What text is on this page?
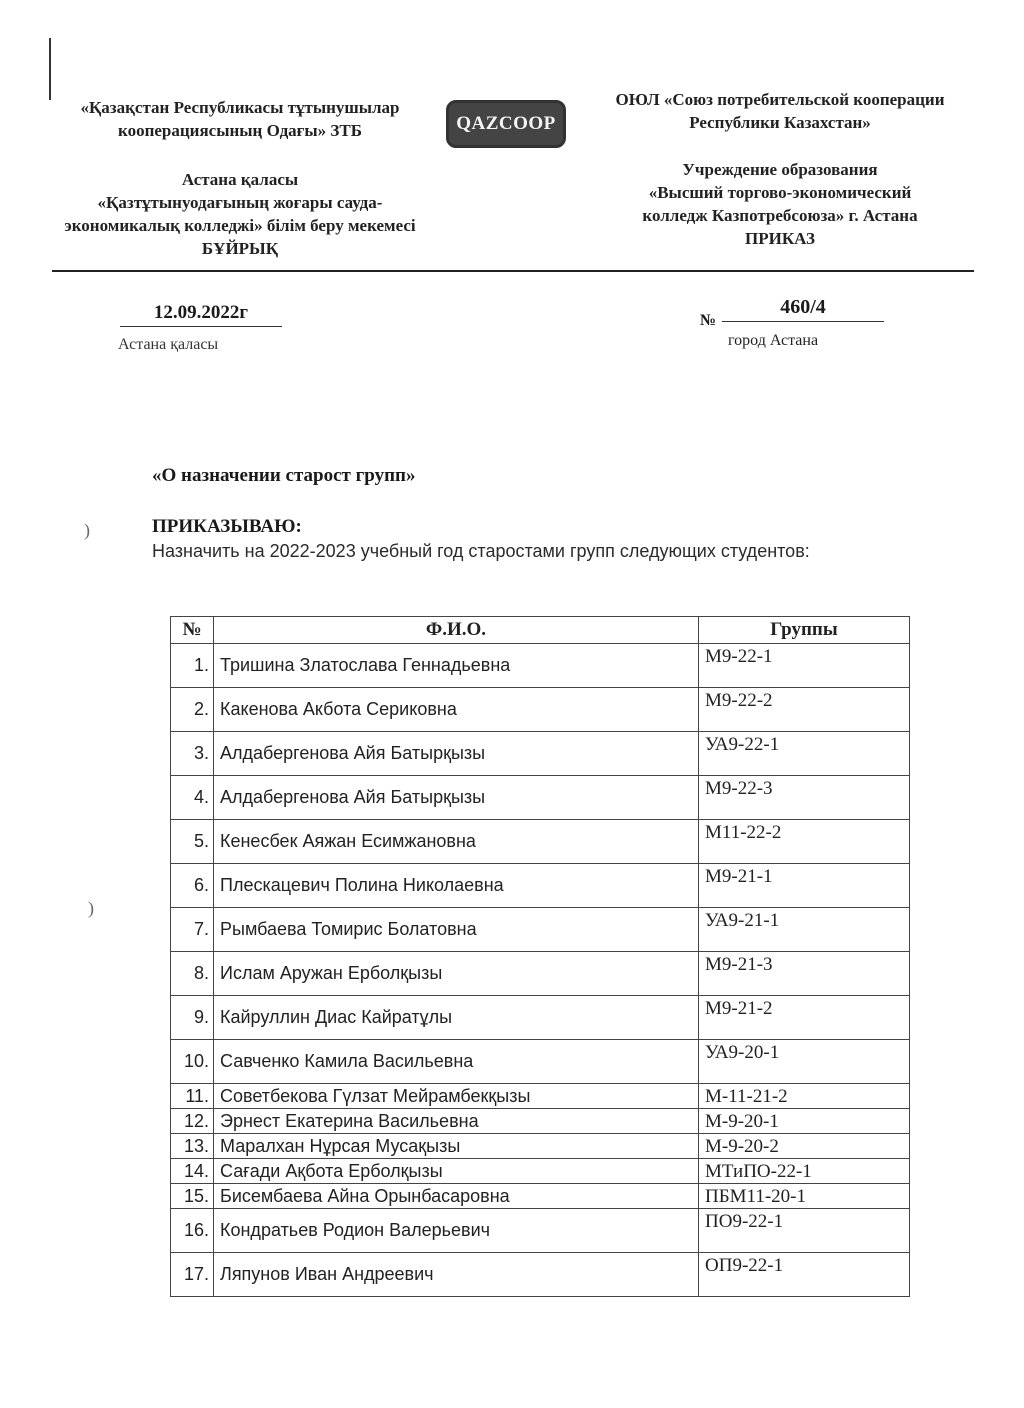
«Қазақстан Республикасы тұтынушылар
кооперациясының Одағы» ЗТБ
Астана қаласы
«Қазтұтынуодағының жоғары сауда-
экономикалық колледжі» білім беру мекемесі
БҰЙРЫҚ
QAZCOOP
ОЮЛ «Союз потребительской кооперации
Республики Казахстан»
Учреждение образования
«Высший торгово-экономический
колледж Казпотребсоюза» г. Астана
ПРИКАЗ
12.09.2022г
Астана қаласы
№
460/4
город Астана
«О назначении старост групп»
ПРИКАЗЫВАЮ:
Назначить на 2022-2023 учебный год старостами групп следующих студентов:
)
)
№	Ф.И.О.	Группы
1.	Тришина Златослава Геннадьевна	М9-22-1
2.	Какенова Акбота Сериковна	М9-22-2
3.	Алдабергенова Айя Батырқызы	УА9-22-1
4.	Алдабергенова Айя Батырқызы	М9-22-3
5.	Кенесбек Аяжан Есимжановна	М11-22-2
6.	Плескацевич Полина Николаевна	М9-21-1
7.	Рымбаева Томирис Болатовна	УА9-21-1
8.	Ислам Аружан Ерболқызы	М9-21-3
9.	Кайруллин Диас Кайратұлы	М9-21-2
10.	Савченко Камила Васильевна	УА9-20-1
11.	Советбекова Гүлзат Мейрамбекқызы	М-11-21-2
12.	Эрнест Екатерина Васильевна	М-9-20-1
13.	Маралхан Нұрсая Мусақызы	М-9-20-2
14.	Сағади Ақбота Ерболқызы	МТиПО-22-1
15.	Бисембаева Айна Орынбасаровна	ПБМ11-20-1
16.	Кондратьев Родион Валерьевич	ПО9-22-1
17.	Ляпунов Иван Андреевич	ОП9-22-1
